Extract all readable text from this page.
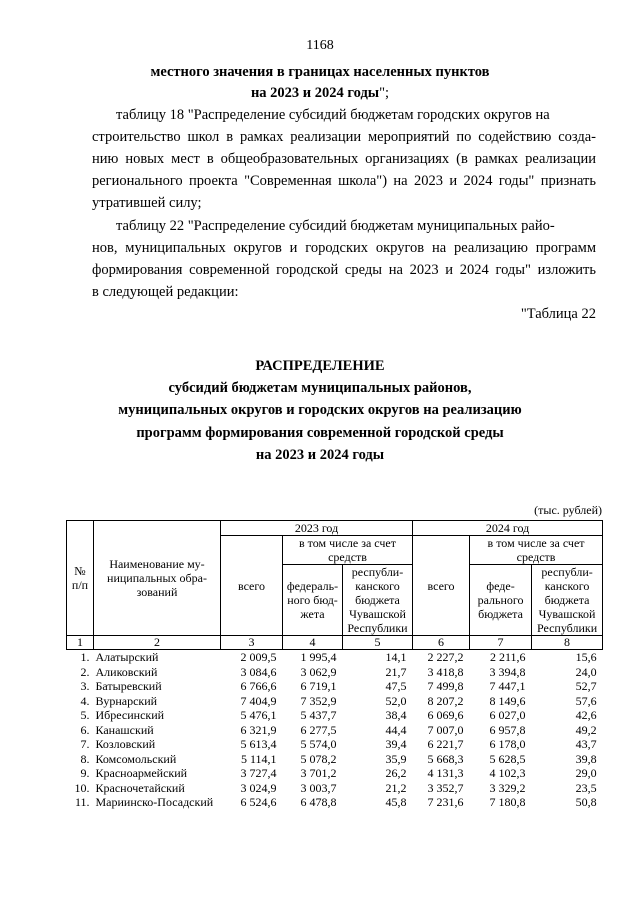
1168
местного значения в границах населенных пунктов
на 2023 и 2024 годы";
таблицу 18 "Распределение субсидий бюджетам городских округов на
строительство школ в рамках реализации мероприятий по содействию созда-
нию новых мест в общеобразовательных организациях (в рамках реализации
регионального проекта "Современная школа") на 2023 и 2024 годы" признать
утратившей силу;
таблицу 22 "Распределение субсидий бюджетам муниципальных райо-
нов, муниципальных округов и городских округов на реализацию программ
формирования современной городской среды на 2023 и 2024 годы" изложить
в следующей редакции:
"Таблица 22
РАСПРЕДЕЛЕНИЕ
субсидий бюджетам муниципальных районов,
муниципальных округов и городских округов на реализацию
программ формирования современной городской среды
на 2023 и 2024 годы
(тыс. рублей)
№ п/п	Наименование му-ниципальных обра-зований	2023 год			2024 год		
		всего	в том числе за счет средств		всего	в том числе за счет средств	
			федераль-ного бюд-жета	республи-канского бюджета Чувашской Республики		феде-рального бюджета	республи-канского бюджета Чувашской Республики
1	2	3	4	5	6	7	8
1.	Алатырский	2 009,5	1 995,4	14,1	2 227,2	2 211,6	15,6
2.	Аликовский	3 084,6	3 062,9	21,7	3 418,8	3 394,8	24,0
3.	Батыревский	6 766,6	6 719,1	47,5	7 499,8	7 447,1	52,7
4.	Вурнарский	7 404,9	7 352,9	52,0	8 207,2	8 149,6	57,6
5.	Ибресинский	5 476,1	5 437,7	38,4	6 069,6	6 027,0	42,6
6.	Канашский	6 321,9	6 277,5	44,4	7 007,0	6 957,8	49,2
7.	Козловский	5 613,4	5 574,0	39,4	6 221,7	6 178,0	43,7
8.	Комсомольский	5 114,1	5 078,2	35,9	5 668,3	5 628,5	39,8
9.	Красноармейский	3 727,4	3 701,2	26,2	4 131,3	4 102,3	29,0
10.	Красночетайский	3 024,9	3 003,7	21,2	3 352,7	3 329,2	23,5
11.	Мариинско-Посадский	6 524,6	6 478,8	45,8	7 231,6	7 180,8	50,8
